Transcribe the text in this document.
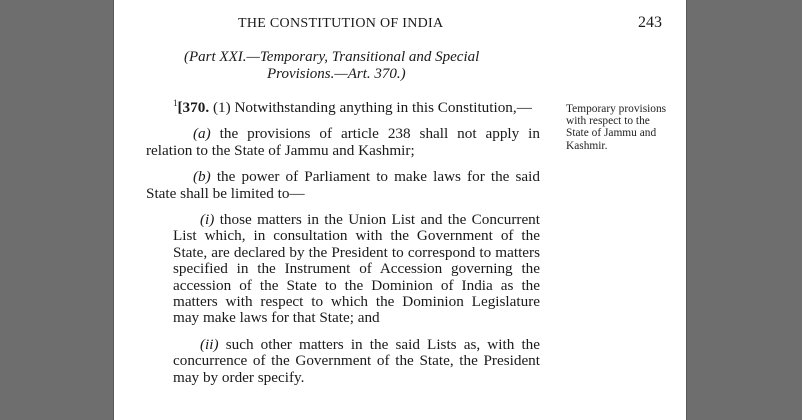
THE CONSTITUTION OF INDIA	243
(Part XXI.—Temporary, Transitional and Special
Provisions.—Art. 370.)

$^1$[370. (1) Notwithstanding anything in this Constitution,—

(a) the provisions of article 238 shall not apply in relation to the State of Jammu and Kashmir;

(b) the power of Parliament to make laws for the said State shall be limited to—

(i) those matters in the Union List and the Concurrent List which, in consultation with the Government of the State, are declared by the President to correspond to matters specified in the Instrument of Accession governing the accession of the State to the Dominion of India as the matters with respect to which the Dominion Legislature may make laws for that State; and

(ii) such other matters in the said Lists as, with the concurrence of the Government of the State, the President may by order specify.

Temporary provisions with respect to the State of Jammu and Kashmir.
